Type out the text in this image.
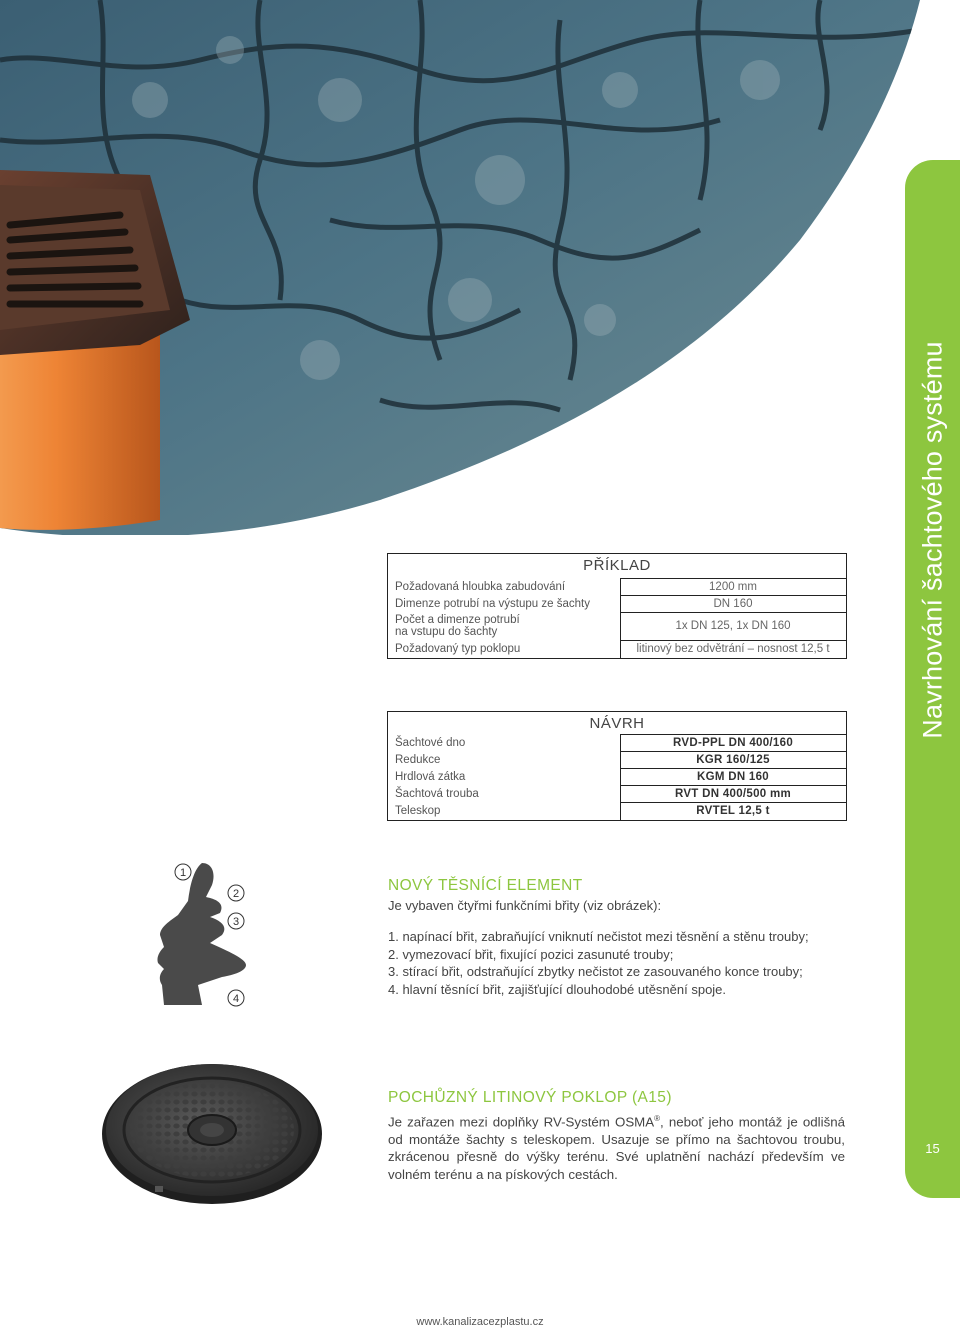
Navrhování šachtového systému
15
PŘÍKLAD
Požadovaná hloubka zabudování	1200 mm
Dimenze potrubí na výstupu ze šachty	DN 160
Počet a dimenze potrubí
na vstupu do šachty	1x DN 125, 1x DN 160
Požadovaný typ poklopu	litinový bez odvětrání – nosnost 12,5 t
NÁVRH
Šachtové dno	RVD-PPL DN 400/160
Redukce	KGR 160/125
Hrdlová zátka	KGM DN 160
Šachtová trouba	RVT DN 400/500 mm
Teleskop	RVTEL 12,5 t
1
2
3
4
NOVÝ TĚSNÍCÍ ELEMENT
Je vybaven čtyřmi funkčními břity (viz obrázek):
1. napínací břit, zabraňující vniknutí nečistot mezi těsnění a stěnu trouby;
2. vymezovací břit, fixující pozici zasunuté trouby;
3. stírací břit, odstraňující zbytky nečistot ze zasouvaného konce trouby;
4. hlavní těsnící břit, zajišťující dlouhodobé utěsnění spoje.
POCHŮZNÝ LITINOVÝ POKLOP (A15)
Je zařazen mezi doplňky RV-Systém OSMA®, neboť jeho montáž je odlišná od montáže šachty s teleskopem. Usazuje se přímo na šachtovou troubu, zkrácenou přesně do výšky terénu. Své uplatnění nachází především ve volném terénu a na pískových cestách.
www.kanalizacezplastu.cz
